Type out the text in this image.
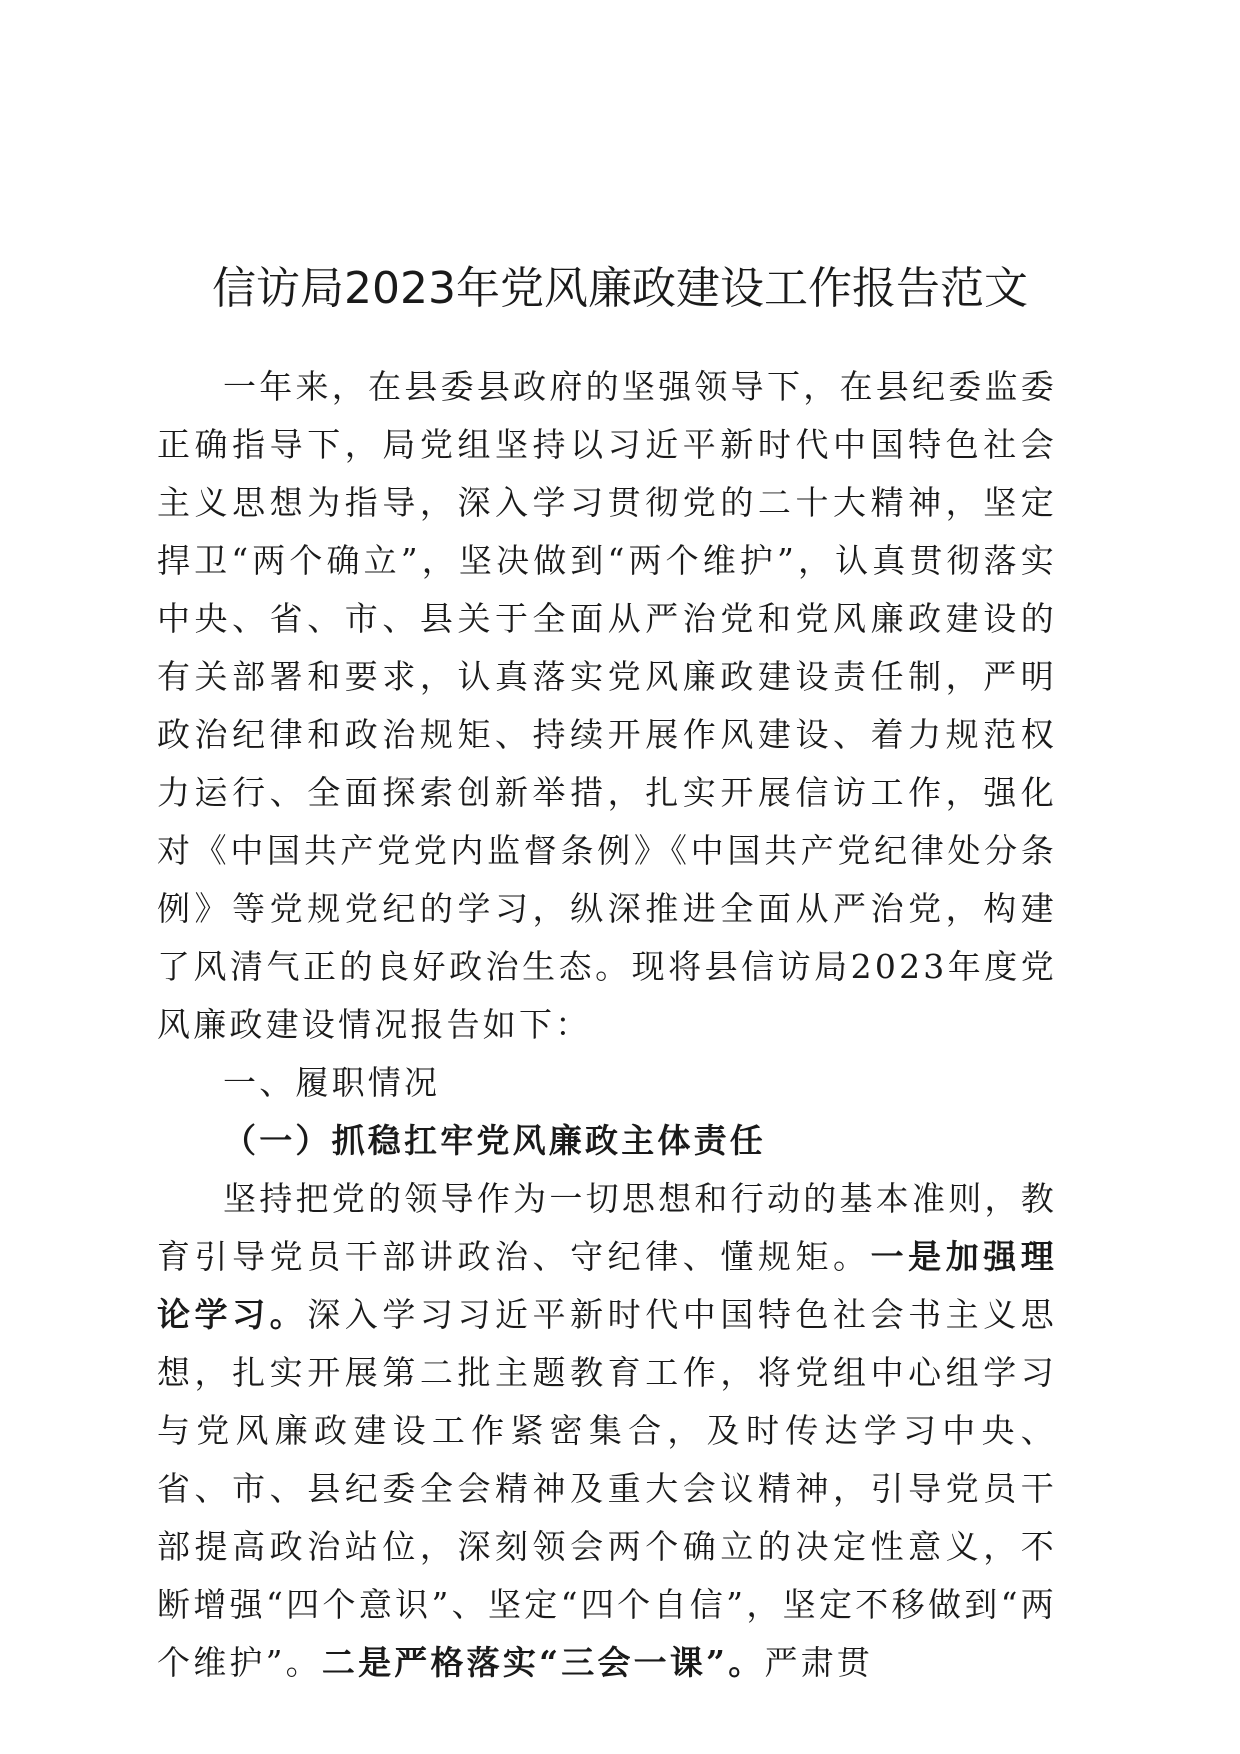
信访局2023年党风廉政建设工作报告范文

一年来，在县委县政府的坚强领导下，在县纪委监委正确指导下，局党组坚持以习近平新时代中国特色社会主义思想为指导，深入学习贯彻党的二十大精神，坚定捍卫“两个确立”，坚决做到“两个维护”，认真贯彻落实中央、省、市、县关于全面从严治党和党风廉政建设的有关部署和要求，认真落实党风廉政建设责任制，严明政治纪律和政治规矩、持续开展作风建设、着力规范权力运行、全面探索创新举措，扎实开展信访工作，强化对《中国共产党党内监督条例》《中国共产党纪律处分条例》等党规党纪的学习，纵深推进全面从严治党，构建了风清气正的良好政治生态。现将县信访局2023年度党风廉政建设情况报告如下：

一、履职情况

（一）抓稳扛牢党风廉政主体责任

坚持把党的领导作为一切思想和行动的基本准则，教育引导党员干部讲政治、守纪律、懂规矩。一是加强理论学习。深入学习习近平新时代中国特色社会书主义思想，扎实开展第二批主题教育工作，将党组中心组学习与党风廉政建设工作紧密集合，及时传达学习中央、省、市、县纪委全会精神及重大会议精神，引导党员干部提高政治站位，深刻领会两个确立的决定性意义，不断增强“四个意识”、坚定“四个自信”，坚定不移做到“两个维护”。二是严格落实“三会一课”。严肃贯
